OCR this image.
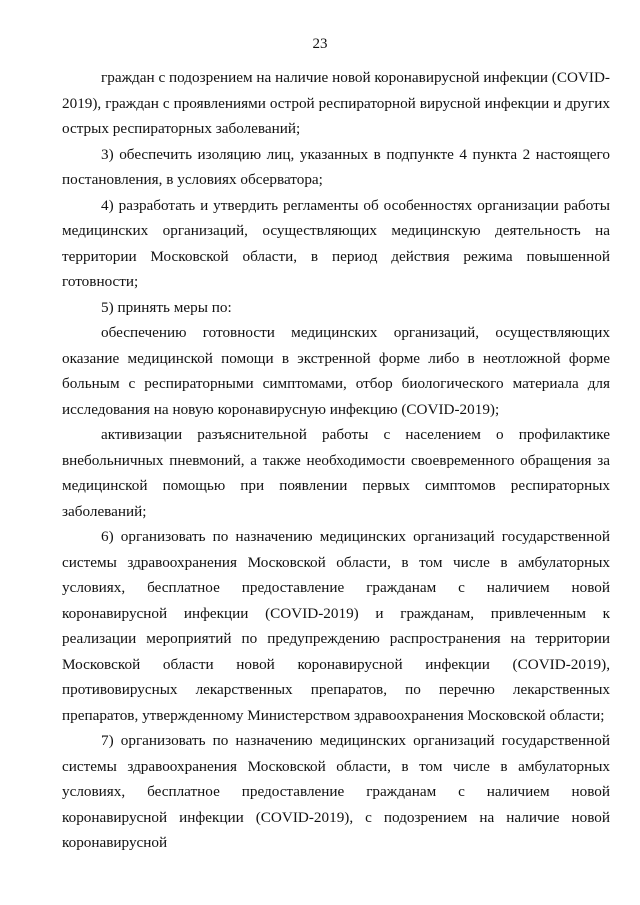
23

граждан с подозрением на наличие новой коронавирусной инфекции (COVID-2019), граждан с проявлениями острой респираторной вирусной инфекции и других острых респираторных заболеваний;

3) обеспечить изоляцию лиц, указанных в подпункте 4 пункта 2 настоящего постановления, в условиях обсерватора;

4) разработать и утвердить регламенты об особенностях организации работы медицинских организаций, осуществляющих медицинскую деятельность на территории Московской области, в период действия режима повышенной готовности;

5) принять меры по:

обеспечению готовности медицинских организаций, осуществляющих оказание медицинской помощи в экстренной форме либо в неотложной форме больным с респираторными симптомами, отбор биологического материала для исследования на новую коронавирусную инфекцию (COVID-2019);

активизации разъяснительной работы с населением о профилактике внебольничных пневмоний, а также необходимости своевременного обращения за медицинской помощью при появлении первых симптомов респираторных заболеваний;

6) организовать по назначению медицинских организаций государственной системы здравоохранения Московской области, в том числе в амбулаторных условиях, бесплатное предоставление гражданам с наличием новой коронавирусной инфекции (COVID-2019) и гражданам, привлеченным к реализации мероприятий по предупреждению распространения на территории Московской области новой коронавирусной инфекции (COVID-2019), противовирусных лекарственных препаратов, по перечню лекарственных препаратов, утвержденному Министерством здравоохранения Московской области;

7) организовать по назначению медицинских организаций государственной системы здравоохранения Московской области, в том числе в амбулаторных условиях, бесплатное предоставление гражданам с наличием новой коронавирусной инфекции (COVID-2019), с подозрением на наличие новой коронавирусной
